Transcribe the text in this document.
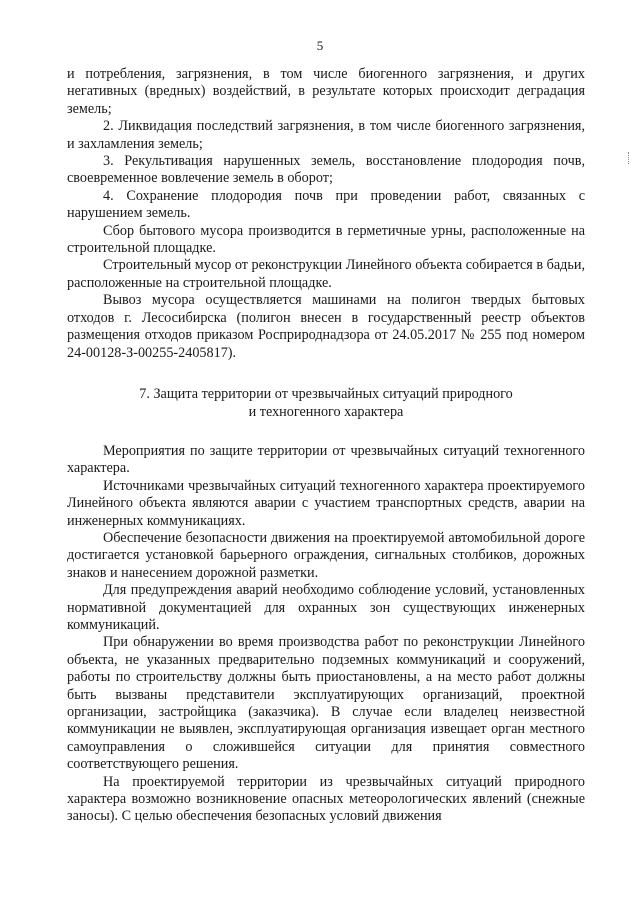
5

и потребления, загрязнения, в том числе биогенного загрязнения, и других негативных (вредных) воздействий, в результате которых происходит деградация земель;

2. Ликвидация последствий загрязнения, в том числе биогенного загрязнения, и захламления земель;

3. Рекультивация нарушенных земель, восстановление плодородия почв, своевременное вовлечение земель в оборот;

4. Сохранение плодородия почв при проведении работ, связанных с нарушением земель.

Сбор бытового мусора производится в герметичные урны, расположенные на строительной площадке.

Строительный мусор от реконструкции Линейного объекта собирается в бадьи, расположенные на строительной площадке.

Вывоз мусора осуществляется машинами на полигон твердых бытовых отходов г. Лесосибирска (полигон внесен в государственный реестр объектов размещения отходов приказом Росприроднадзора от 24.05.2017 № 255 под номером 24-00128-З-00255-2405817).

7. Защита территории от чрезвычайных ситуаций природного
и техногенного характера

Мероприятия по защите территории от чрезвычайных ситуаций техногенного характера.

Источниками чрезвычайных ситуаций техногенного характера проектируемого Линейного объекта являются аварии с участием транспортных средств, аварии на инженерных коммуникациях.

Обеспечение безопасности движения на проектируемой автомобильной дороге достигается установкой барьерного ограждения, сигнальных столбиков, дорожных знаков и нанесением дорожной разметки.

Для предупреждения аварий необходимо соблюдение условий, установленных нормативной документацией для охранных зон существующих инженерных коммуникаций.

При обнаружении во время производства работ по реконструкции Линейного объекта, не указанных предварительно подземных коммуникаций и сооружений, работы по строительству должны быть приостановлены, а на место работ должны быть вызваны представители эксплуатирующих организаций, проектной организации, застройщика (заказчика). В случае если владелец неизвестной коммуникации не выявлен, эксплуатирующая организация извещает орган местного самоуправления о сложившейся ситуации для принятия совместного соответствующего решения.

На проектируемой территории из чрезвычайных ситуаций природного характера возможно возникновение опасных метеорологических явлений (снежные заносы). С целью обеспечения безопасных условий движения
